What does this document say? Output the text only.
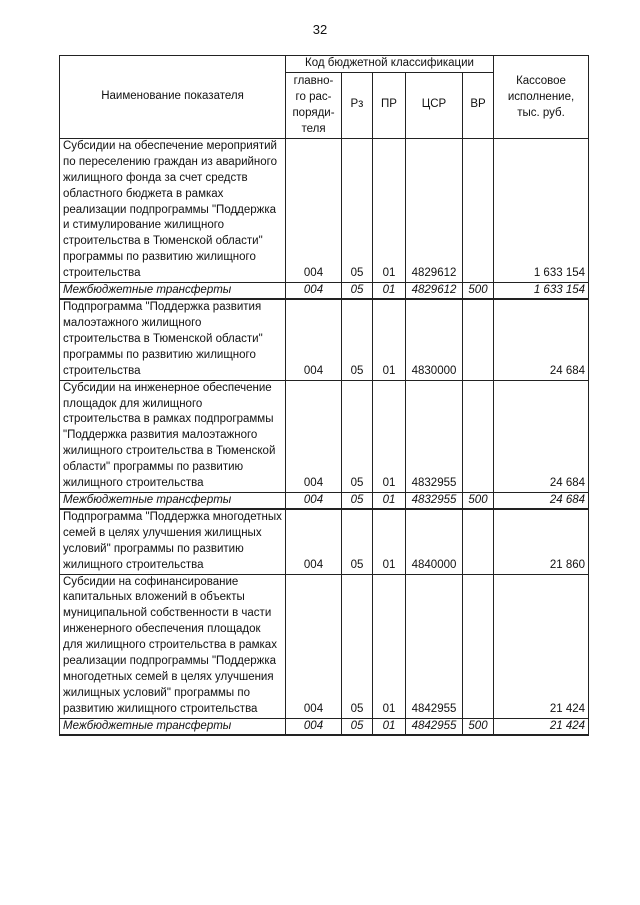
32
Наименование показателя	Код бюджетной классификации					Кассовое исполнение, тыс. руб.
	главно-го рас-поряди-теля	Рз	ПР	ЦСР	ВР	
Субсидии на обеспечение мероприятий по переселению граждан из аварийного жилищного фонда за счет средств областного бюджета в рамках реализации подпрограммы "Поддержка и стимулирование жилищного строительства в Тюменской области" программы по развитию жилищного строительства	004	05	01	4829612		1 633 154
Межбюджетные трансферты	004	05	01	4829612	500	1 633 154
Подпрограмма "Поддержка развития малоэтажного жилищного строительства в Тюменской области" программы по развитию жилищного строительства	004	05	01	4830000		24 684
Субсидии на инженерное обеспечение площадок для жилищного строительства в рамках подпрограммы "Поддержка развития малоэтажного жилищного строительства в Тюменской области" программы по развитию жилищного строительства	004	05	01	4832955		24 684
Межбюджетные трансферты	004	05	01	4832955	500	24 684
Подпрограмма "Поддержка многодетных семей в целях улучшения жилищных условий" программы по развитию жилищного строительства	004	05	01	4840000		21 860
Субсидии на софинансирование капитальных вложений в объекты муниципальной собственности в части инженерного обеспечения площадок для жилищного строительства в рамках реализации подпрограммы "Поддержка многодетных семей в целях улучшения жилищных условий" программы по развитию жилищного строительства	004	05	01	4842955		21 424
Межбюджетные трансферты	004	05	01	4842955	500	21 424
